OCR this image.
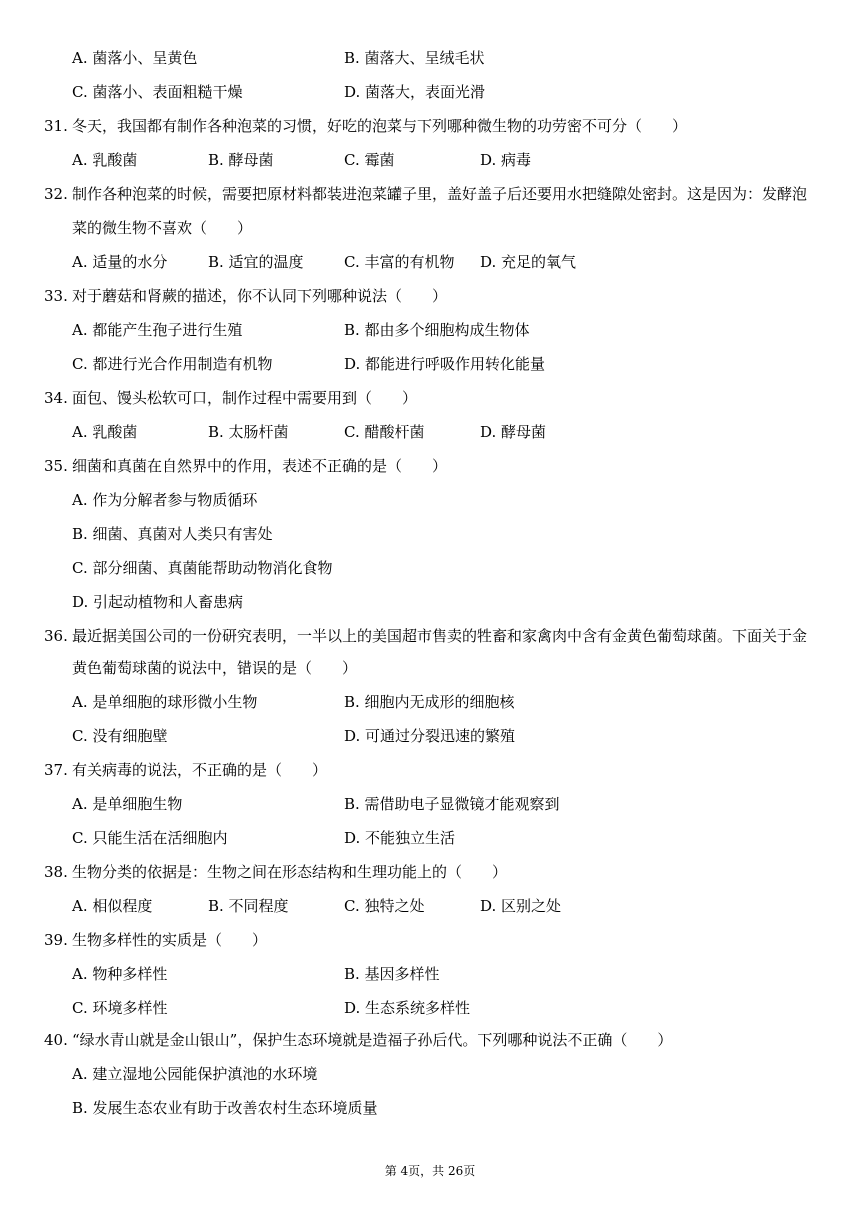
A. 菌落小、呈黄色	B. 菌落大、呈绒毛状
C. 菌落小、表面粗糙干燥	D. 菌落大，表面光滑
31. 冬天，我国都有制作各种泡菜的习惯，好吃的泡菜与下列哪种微生物的功劳密不可分（　　）
A. 乳酸菌	B. 酵母菌	C. 霉菌	D. 病毒
32. 制作各种泡菜的时候，需要把原材料都装进泡菜罐子里，盖好盖子后还要用水把缝隙处密封。这是因为：发酵泡
菜的微生物不喜欢（　　）
A. 适量的水分	B. 适宜的温度	C. 丰富的有机物 D. 充足的氧气
33. 对于蘑菇和肾蕨的描述，你不认同下列哪种说法（　　）
A. 都能产生孢子进行生殖	B. 都由多个细胞构成生物体
C. 都进行光合作用制造有机物	D. 都能进行呼吸作用转化能量
34. 面包、馒头松软可口，制作过程中需要用到（　　）
A. 乳酸菌	B. 太肠杆菌	C. 醋酸杆菌	D. 酵母菌
35. 细菌和真菌在自然界中的作用，表述不正确的是（　　）
A. 作为分解者参与物质循环
B. 细菌、真菌对人类只有害处
C. 部分细菌、真菌能帮助动物消化食物
D. 引起动植物和人畜患病
36. 最近据美国公司的一份研究表明，一半以上的美国超市售卖的牲畜和家禽肉中含有金黄色葡萄球菌。下面关于金
黄色葡萄球菌的说法中，错误的是（　　）
A. 是单细胞的球形微小生物	B. 细胞内无成形的细胞核
C. 没有细胞壁	D. 可通过分裂迅速的繁殖
37. 有关病毒的说法，不正确的是（　　）
A. 是单细胞生物	B. 需借助电子显微镜才能观察到
C. 只能生活在活细胞内	D. 不能独立生活
38. 生物分类的依据是：生物之间在形态结构和生理功能上的（　　）
A. 相似程度	B. 不同程度	C. 独特之处	D. 区别之处
39. 生物多样性的实质是（　　）
A. 物种多样性	B. 基因多样性
C. 环境多样性	D. 生态系统多样性
40. “绿水青山就是金山银山”，保护生态环境就是造福子孙后代。下列哪种说法不正确（　　）
A. 建立湿地公园能保护滇池的水环境
B. 发展生态农业有助于改善农村生态环境质量
第 4页，共 26页
